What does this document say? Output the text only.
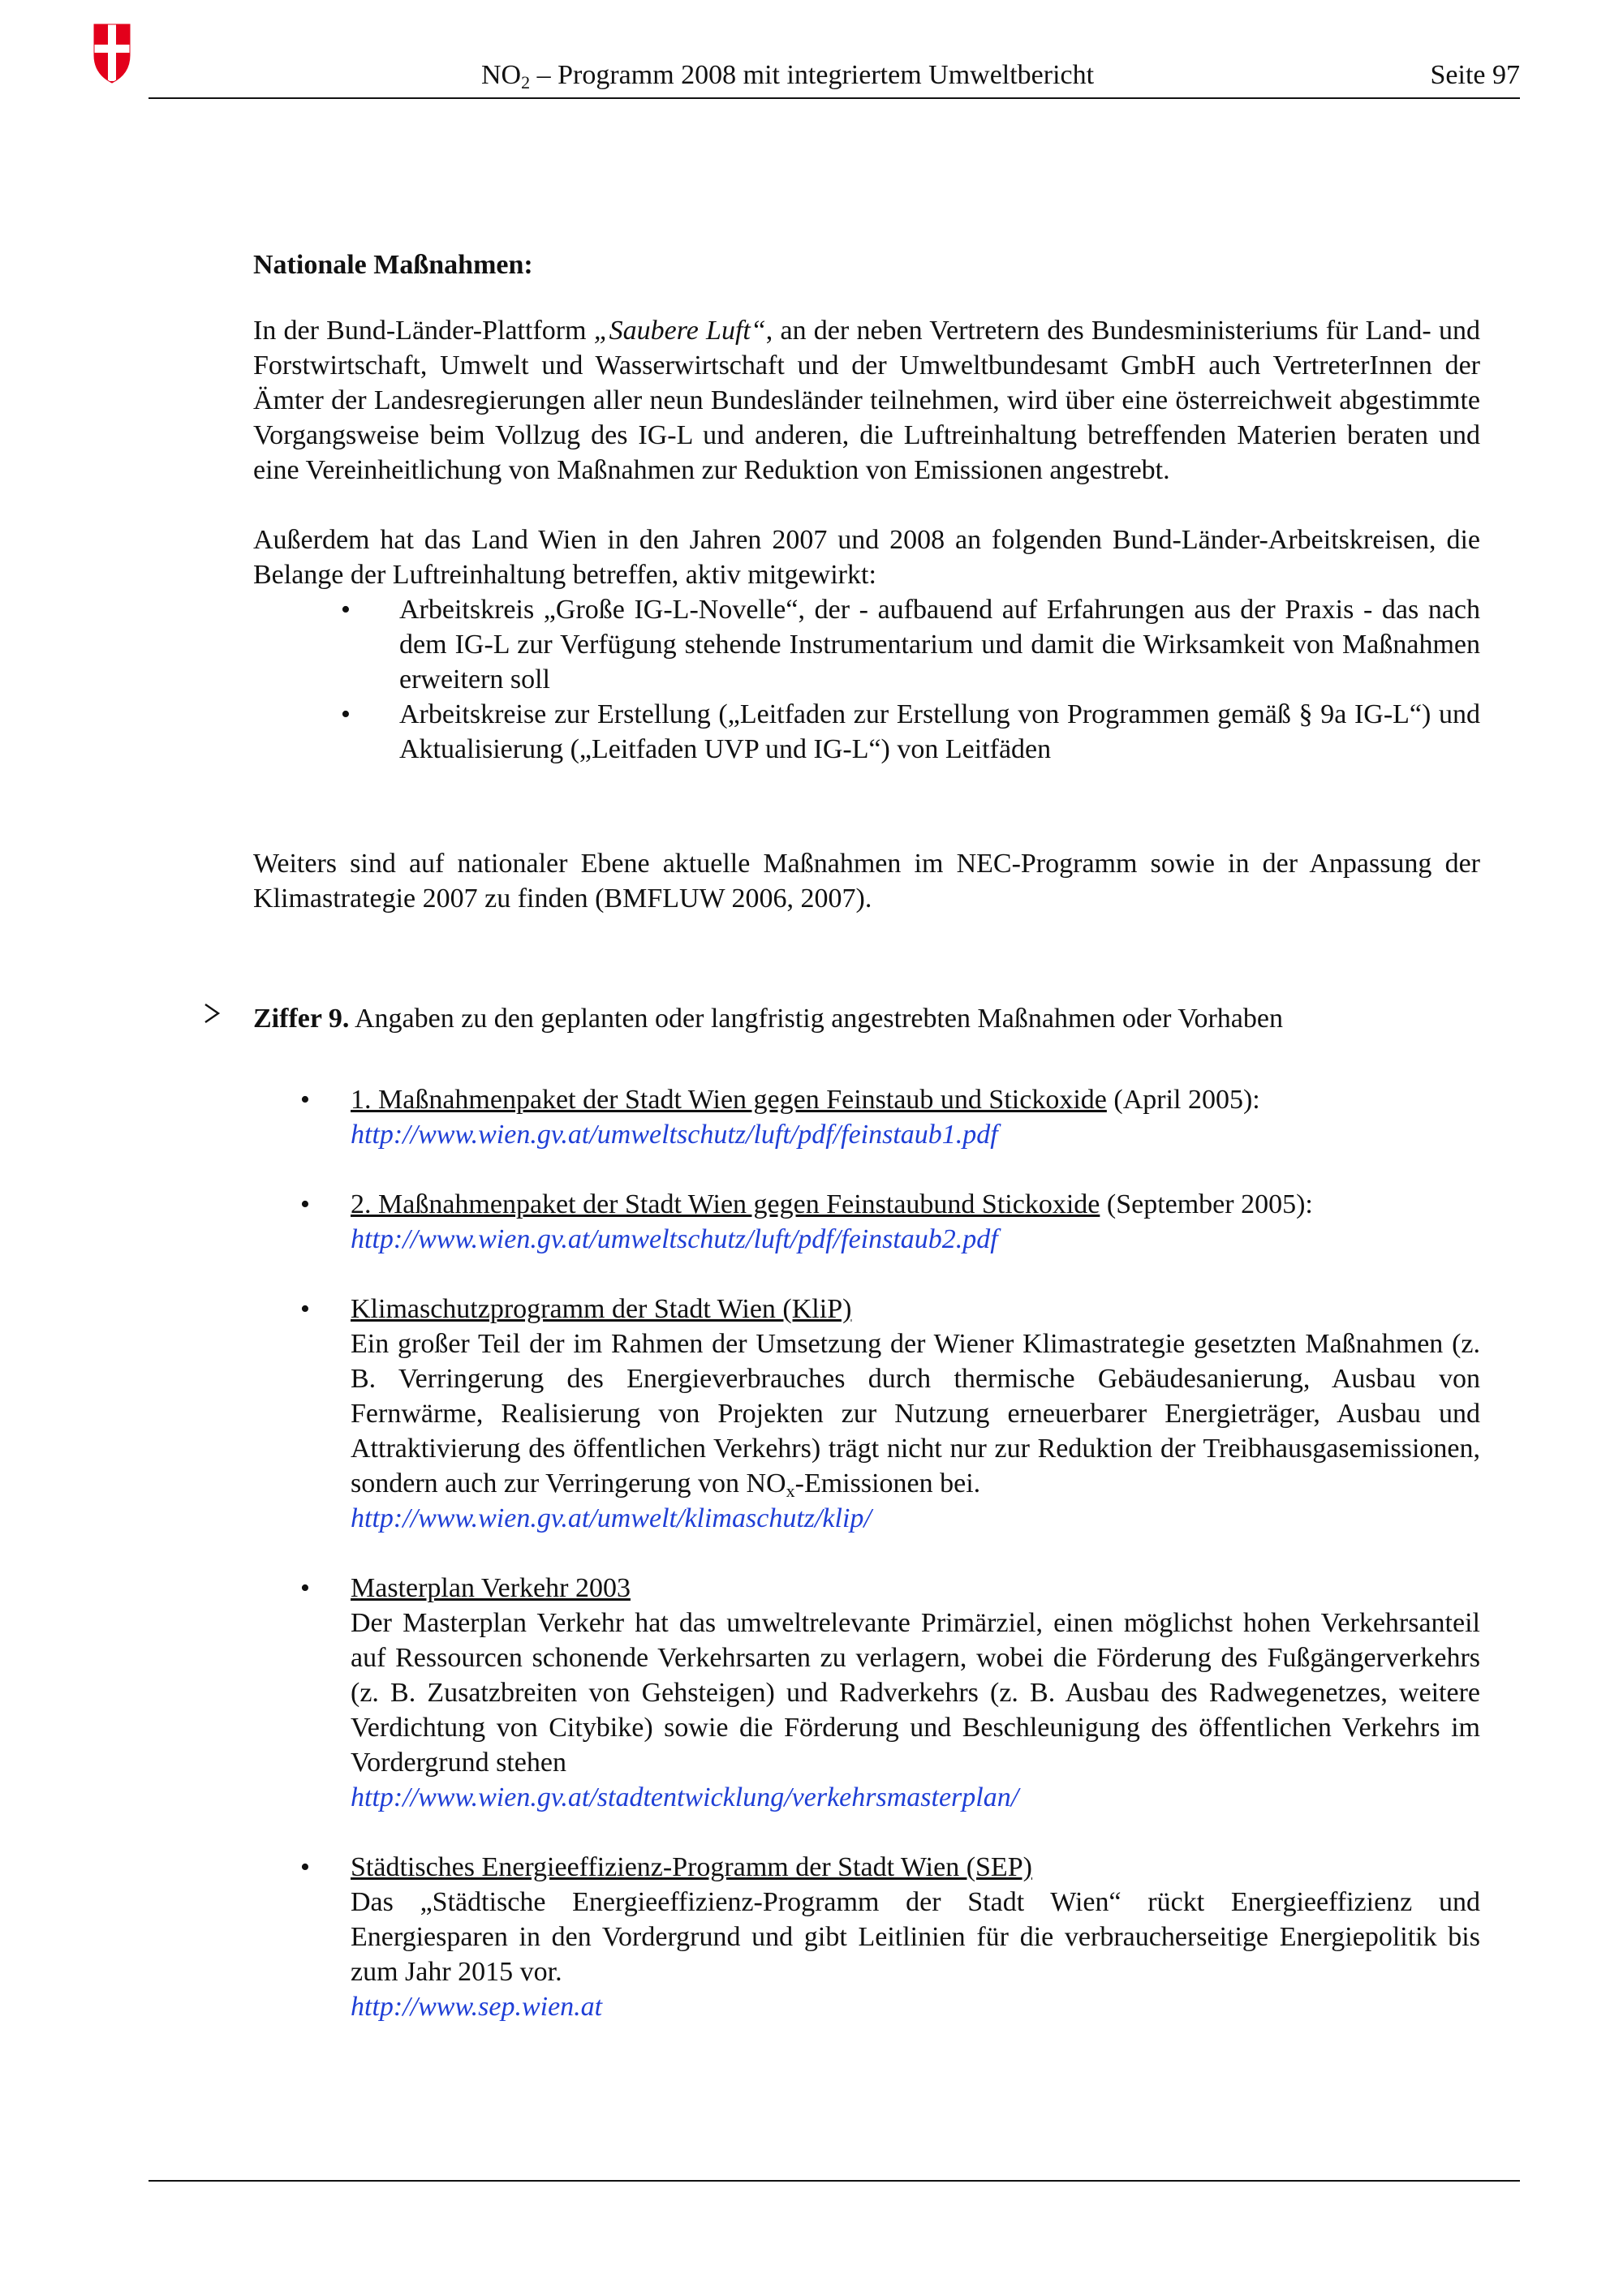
$NO_2$ – Programm 2008 mit integriertem Umweltbericht	Seite 97

Nationale Maßnahmen:

In der Bund-Länder-Plattform „Saubere Luft“, an der neben Vertretern des Bundesministeriums für Land- und Forstwirtschaft, Umwelt und Wasserwirtschaft und der Umweltbundesamt GmbH auch VertreterInnen der Ämter der Landesregierungen aller neun Bundesländer teilnehmen, wird über eine österreichweit abgestimmte Vorgangsweise beim Vollzug des IG-L und anderen, die Luftreinhaltung betreffenden Materien beraten und eine Vereinheitlichung von Maßnahmen zur Reduktion von Emissionen angestrebt.

Außerdem hat das Land Wien in den Jahren 2007 und 2008 an folgenden Bund-Länder-Arbeitskreisen, die Belange der Luftreinhaltung betreffen, aktiv mitgewirkt:

• Arbeitskreis „Große IG-L-Novelle“, der - aufbauend auf Erfahrungen aus der Praxis - das nach dem IG-L zur Verfügung stehende Instrumentarium und damit die Wirksamkeit von Maßnahmen erweitern soll
• Arbeitskreise zur Erstellung („Leitfaden zur Erstellung von Programmen gemäß § 9a IG-L“) und Aktualisierung („Leitfaden UVP und IG-L“) von Leitfäden

Weiters sind auf nationaler Ebene aktuelle Maßnahmen im NEC-Programm sowie in der Anpassung der Klimastrategie 2007 zu finden (BMFLUW 2006, 2007).

Ziffer 9. Angaben zu den geplanten oder langfristig angestrebten Maßnahmen oder Vorhaben
• 1. Maßnahmenpaket der Stadt Wien gegen Feinstaub und Stickoxide (April 2005):
http://www.wien.gv.at/umweltschutz/luft/pdf/feinstaub1.pdf
• 2. Maßnahmenpaket der Stadt Wien gegen Feinstaubund Stickoxide (September 2005):
http://www.wien.gv.at/umweltschutz/luft/pdf/feinstaub2.pdf
• Klimaschutzprogramm der Stadt Wien (KliP)
Ein großer Teil der im Rahmen der Umsetzung der Wiener Klimastrategie gesetzten Maßnahmen (z. B. Verringerung des Energieverbrauches durch thermische Gebäudesanierung, Ausbau von Fernwärme, Realisierung von Projekten zur Nutzung erneuerbarer Energieträger, Ausbau und Attraktivierung des öffentlichen Verkehrs) trägt nicht nur zur Reduktion der Treibhausgasemissionen, sondern auch zur Verringerung von $NO_x$-Emissionen bei.
http://www.wien.gv.at/umwelt/klimaschutz/klip/
• Masterplan Verkehr 2003
Der Masterplan Verkehr hat das umweltrelevante Primärziel, einen möglichst hohen Verkehrsanteil auf Ressourcen schonende Verkehrsarten zu verlagern, wobei die Förderung des Fußgängerverkehrs (z. B. Zusatzbreiten von Gehsteigen) und Radverkehrs (z. B. Ausbau des Radwegenetzes, weitere Verdichtung von Citybike) sowie die Förderung und Beschleunigung des öffentlichen Verkehrs im Vordergrund stehen
http://www.wien.gv.at/stadtentwicklung/verkehrsmasterplan/
• Städtisches Energieeffizienz-Programm der Stadt Wien (SEP)
Das „Städtische Energieeffizienz-Programm der Stadt Wien“ rückt Energieeffizienz und Energiesparen in den Vordergrund und gibt Leitlinien für die verbraucherseitige Energiepolitik bis zum Jahr 2015 vor.
http://www.sep.wien.at
